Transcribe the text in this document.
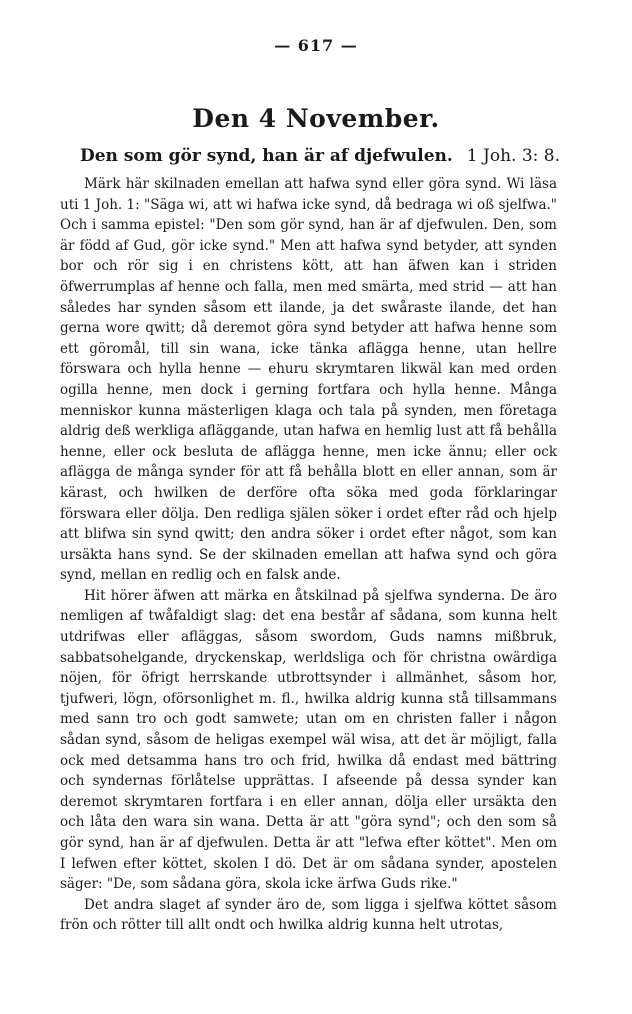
— 617 —
Den 4 November.
Den som gör synd, han är af djefwulen. 1 Joh. 3: 8.

Märk här skilnaden emellan att hafwa synd eller göra synd. Wi läsa uti 1 Joh. 1: "Säga wi, att wi hafwa icke synd, då bedraga wi oß sjelfwa." Och i samma epistel: "Den som gör synd, han är af djefwulen. Den, som är född af Gud, gör icke synd." Men att hafwa synd betyder, att synden bor och rör sig i en christens kött, att han äfwen kan i striden öfwerrumplas af henne och falla, men med smärta, med strid — att han således har synden såsom ett ilande, ja det swåraste ilande, det han gerna wore qwitt; då deremot göra synd betyder att hafwa henne som ett göromål, till sin wana, icke tänka aflägga henne, utan hellre förswara och hylla henne — ehuru skrymtaren likwäl kan med orden ogilla henne, men dock i gerning fortfara och hylla henne. Många menniskor kunna mästerligen klaga och tala på synden, men företaga aldrig deß werkliga afläggande, utan hafwa en hemlig lust att få behålla henne, eller ock besluta de aflägga henne, men icke ännu; eller ock aflägga de många synder för att få behålla blott en eller annan, som är kärast, och hwilken de derföre ofta söka med goda förklaringar förswara eller dölja. Den redliga själen söker i ordet efter råd och hjelp att blifwa sin synd qwitt; den andra söker i ordet efter något, som kan ursäkta hans synd. Se der skilnaden emellan att hafwa synd och göra synd, mellan en redlig och en falsk ande.

Hit hörer äfwen att märka en åtskilnad på sjelfwa synderna. De äro nemligen af twåfaldigt slag: det ena består af sådana, som kunna helt utdrifwas eller afläggas, såsom swordom, Guds namns mißbruk, sabbatsohelgande, dryckenskap, werldsliga och för christna owärdiga nöjen, för öfrigt herrskande utbrottsynder i allmänhet, såsom hor, tjufweri, lögn, oförsonlighet m. fl., hwilka aldrig kunna stå tillsammans med sann tro och godt samwete; utan om en christen faller i någon sådan synd, såsom de heligas exempel wäl wisa, att det är möjligt, falla ock med detsamma hans tro och frid, hwilka då endast med bättring och syndernas förlåtelse upprättas. I afseende på dessa synder kan deremot skrymtaren fortfara i en eller annan, dölja eller ursäkta den och låta den wara sin wana. Detta är att "göra synd"; och den som så gör synd, han är af djefwulen. Detta är att "lefwa efter köttet". Men om I lefwen efter köttet, skolen I dö. Det är om sådana synder, apostelen säger: "De, som sådana göra, skola icke ärfwa Guds rike."

Det andra slaget af synder äro de, som ligga i sjelfwa köttet såsom frön och rötter till allt ondt och hwilka aldrig kunna helt utrotas,
